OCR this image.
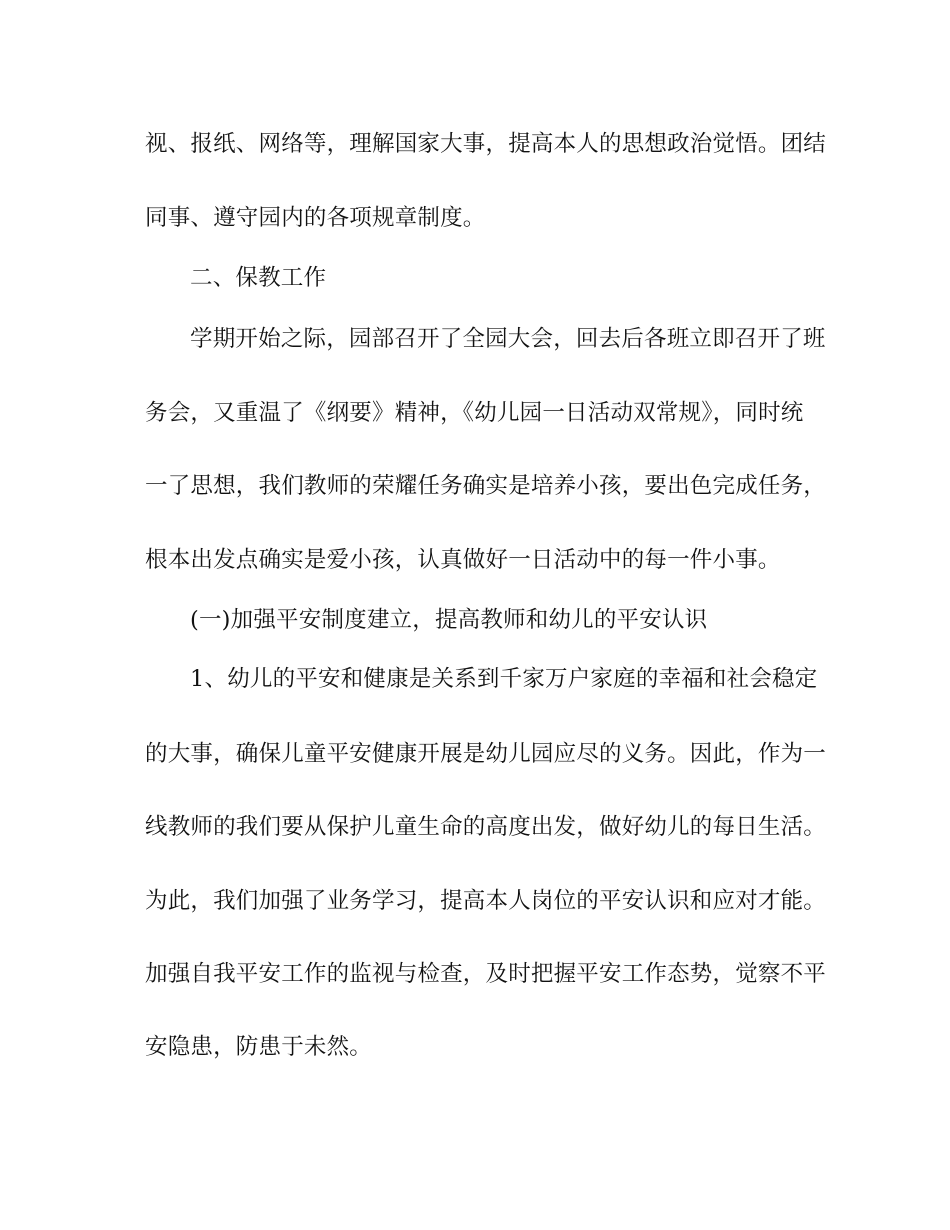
视、报纸、网络等，理解国家大事，提高本人的思想政治觉悟。团结
同事、遵守园内的各项规章制度。
二、保教工作
学期开始之际，园部召开了全园大会，回去后各班立即召开了班
务会，又重温了《纲要》精神，《幼儿园一日活动双常规》，同时统
一了思想，我们教师的荣耀任务确实是培养小孩，要出色完成任务，
根本出发点确实是爱小孩，认真做好一日活动中的每一件小事。
(一)加强平安制度建立，提高教师和幼儿的平安认识
1、幼儿的平安和健康是关系到千家万户家庭的幸福和社会稳定
的大事，确保儿童平安健康开展是幼儿园应尽的义务。因此，作为一
线教师的我们要从保护儿童生命的高度出发，做好幼儿的每日生活。
为此，我们加强了业务学习，提高本人岗位的平安认识和应对才能。
加强自我平安工作的监视与检查，及时把握平安工作态势，觉察不平
安隐患，防患于未然。
